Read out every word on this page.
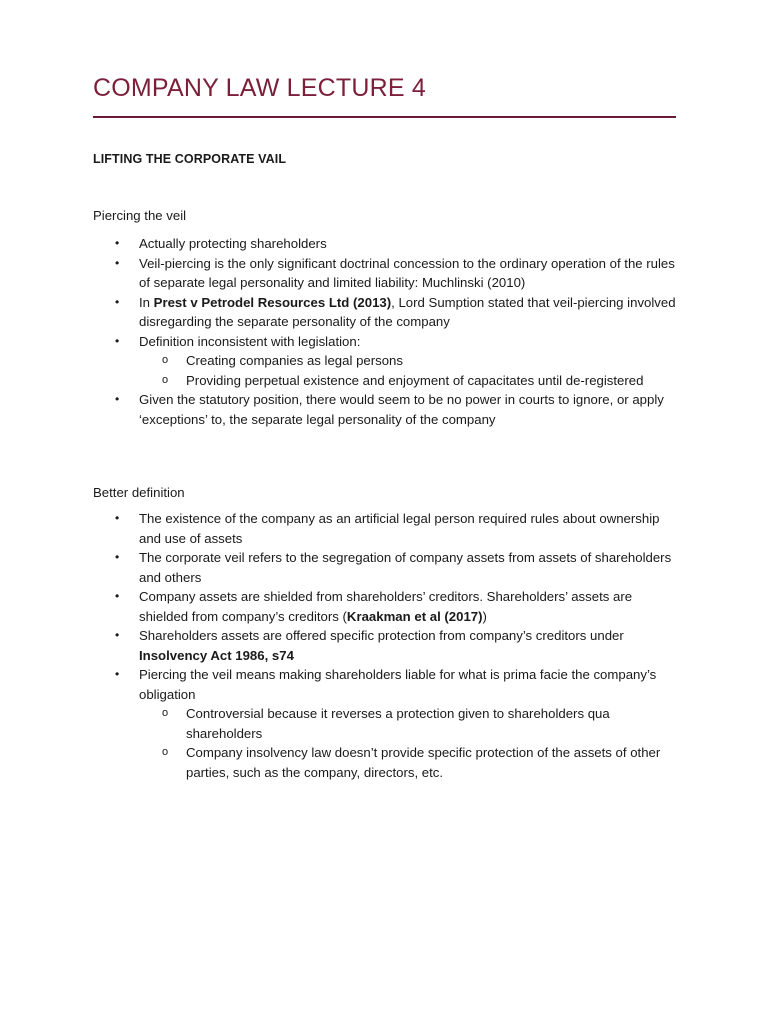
COMPANY LAW LECTURE 4
LIFTING THE CORPORATE VAIL

Piercing the veil

• Actually protecting shareholders
• Veil-piercing is the only significant doctrinal concession to the ordinary operation of the rules of separate legal personality and limited liability: Muchlinski (2010)
• In Prest v Petrodel Resources Ltd (2013), Lord Sumption stated that veil-piercing involved disregarding the separate personality of the company
• Definition inconsistent with legislation:
o Creating companies as legal persons
o Providing perpetual existence and enjoyment of capacitates until de-registered
• Given the statutory position, there would seem to be no power in courts to ignore, or apply ‘exceptions’ to, the separate legal personality of the company

Better definition

• The existence of the company as an artificial legal person required rules about ownership and use of assets
• The corporate veil refers to the segregation of company assets from assets of shareholders and others
• Company assets are shielded from shareholders’ creditors. Shareholders’ assets are shielded from company’s creditors (Kraakman et al (2017))
• Shareholders assets are offered specific protection from company’s creditors under Insolvency Act 1986, s74
• Piercing the veil means making shareholders liable for what is prima facie the company’s obligation
o Controversial because it reverses a protection given to shareholders qua shareholders
o Company insolvency law doesn’t provide specific protection of the assets of other parties, such as the company, directors, etc.
